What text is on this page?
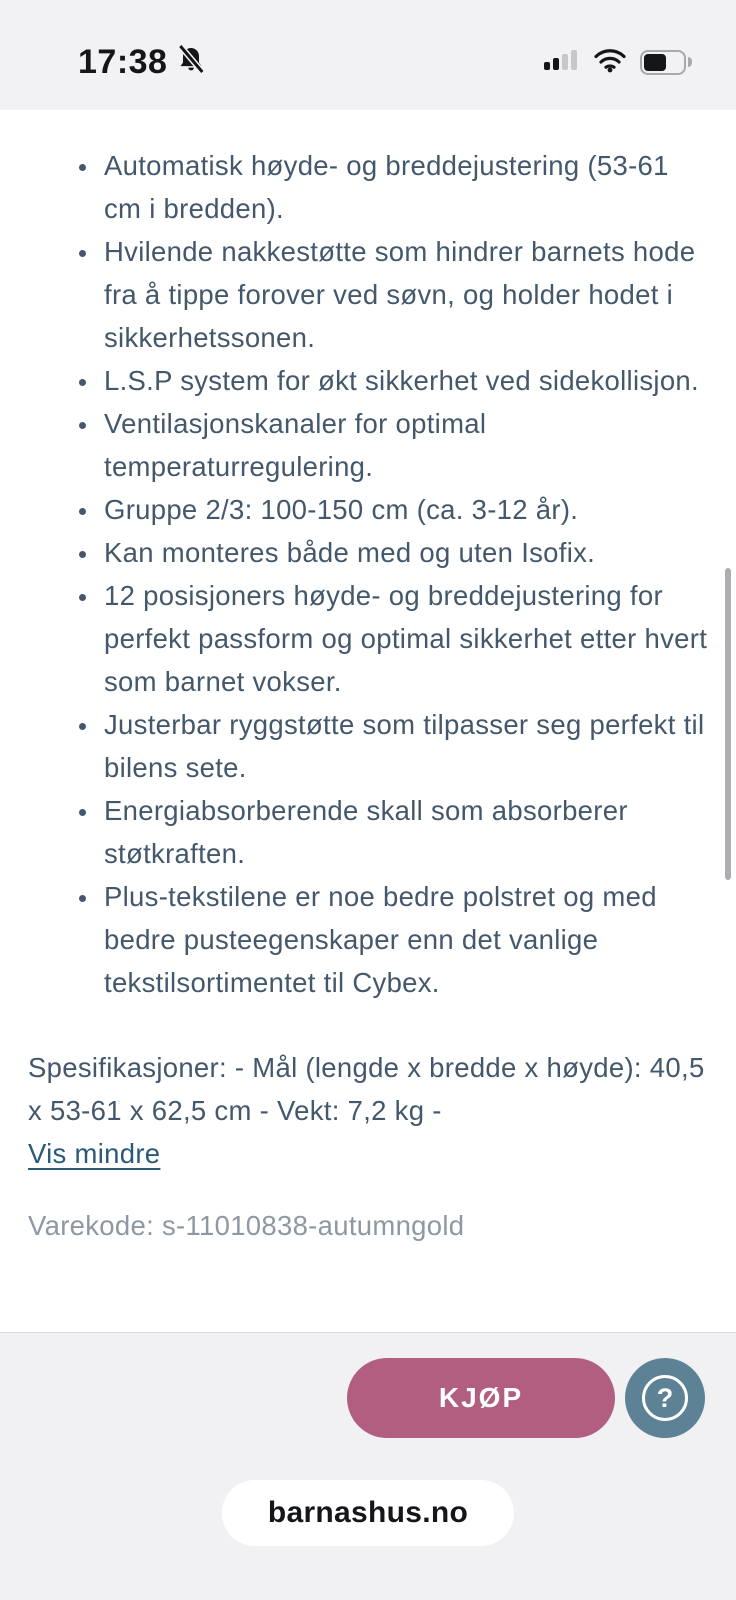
17:38
• Automatisk høyde- og breddejustering (53-61 cm i bredden).
• Hvilende nakkestøtte som hindrer barnets hode fra å tippe forover ved søvn, og holder hodet i sikkerhetssonen.
• L.S.P system for økt sikkerhet ved sidekollisjon.
• Ventilasjonskanaler for optimal temperaturregulering.
• Gruppe 2/3: 100-150 cm (ca. 3-12 år).
• Kan monteres både med og uten Isofix.
• 12 posisjoners høyde- og breddejustering for perfekt passform og optimal sikkerhet etter hvert som barnet vokser.
• Justerbar ryggstøtte som tilpasser seg perfekt til bilens sete.
• Energiabsorberende skall som absorberer støtkraften.
• Plus-tekstilene er noe bedre polstret og med bedre pusteegenskaper enn det vanlige tekstilsortimentet til Cybex.

Spesifikasjoner: - Mål (lengde x bredde x høyde): 40,5 x 53-61 x 62,5 cm - Vekt: 7,2 kg -

Vis mindre

Varekode: s-11010838-autumngold

KJØP	?
barnashus.no
